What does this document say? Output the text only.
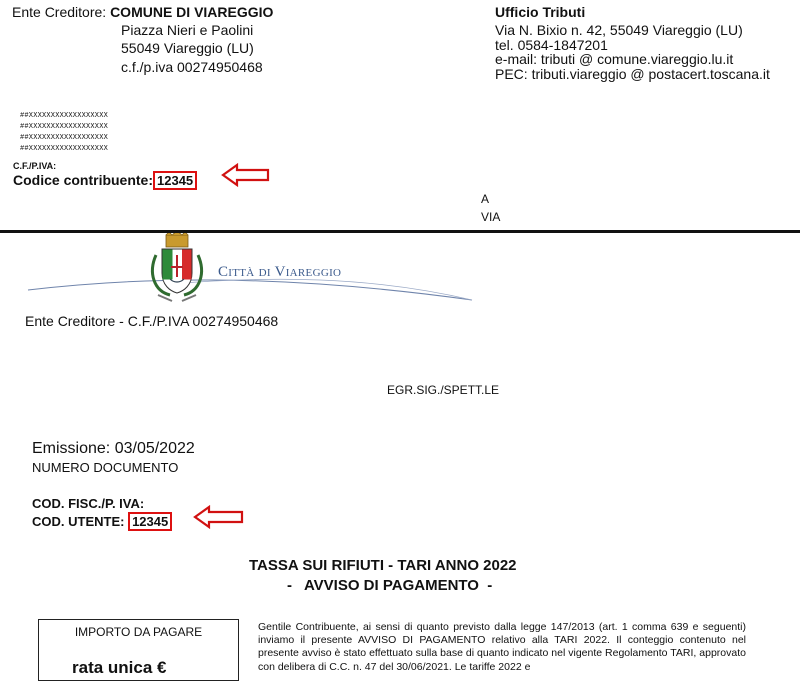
Ente Creditore: COMUNE DI VIAREGGIO
Piazza Nieri e Paolini
55049 Viareggio (LU)
c.f./p.iva 00274950468
Ufficio Tributi
Via N. Bixio n. 42, 55049 Viareggio (LU)
tel. 0584-1847201
e-mail: tributi @ comune.viareggio.lu.it
PEC: tributi.viareggio @ postacert.toscana.it
##XXXXXXXXXXXXXXXXXX
##XXXXXXXXXXXXXXXXXX
##XXXXXXXXXXXXXXXXXX
##XXXXXXXXXXXXXXXXXX
C.F./P.IVA:
Codice contribuente: 12345
A
VIA
Città di Viareggio
Ente Creditore - C.F./P.IVA 00274950468
EGR.SIG./SPETT.LE
Emissione: 03/05/2022
NUMERO DOCUMENTO
COD. FISC./P. IVA:
COD. UTENTE: 12345
TASSA SUI RIFIUTI - TARI ANNO 2022
-   AVVISO DI PAGAMENTO  -
IMPORTO DA PAGARE
rata unica €
Gentile Contribuente, ai sensi di quanto previsto dalla legge 147/2013 (art. 1 comma 639 e seguenti) inviamo il presente AVVISO DI PAGAMENTO relativo alla TARI 2022. Il conteggio contenuto nel presente avviso è stato effettuato sulla base di quanto indicato nel vigente Regolamento TARI, approvato con delibera di C.C. n. 47 del 30/06/2021. Le tariffe 2022 e
